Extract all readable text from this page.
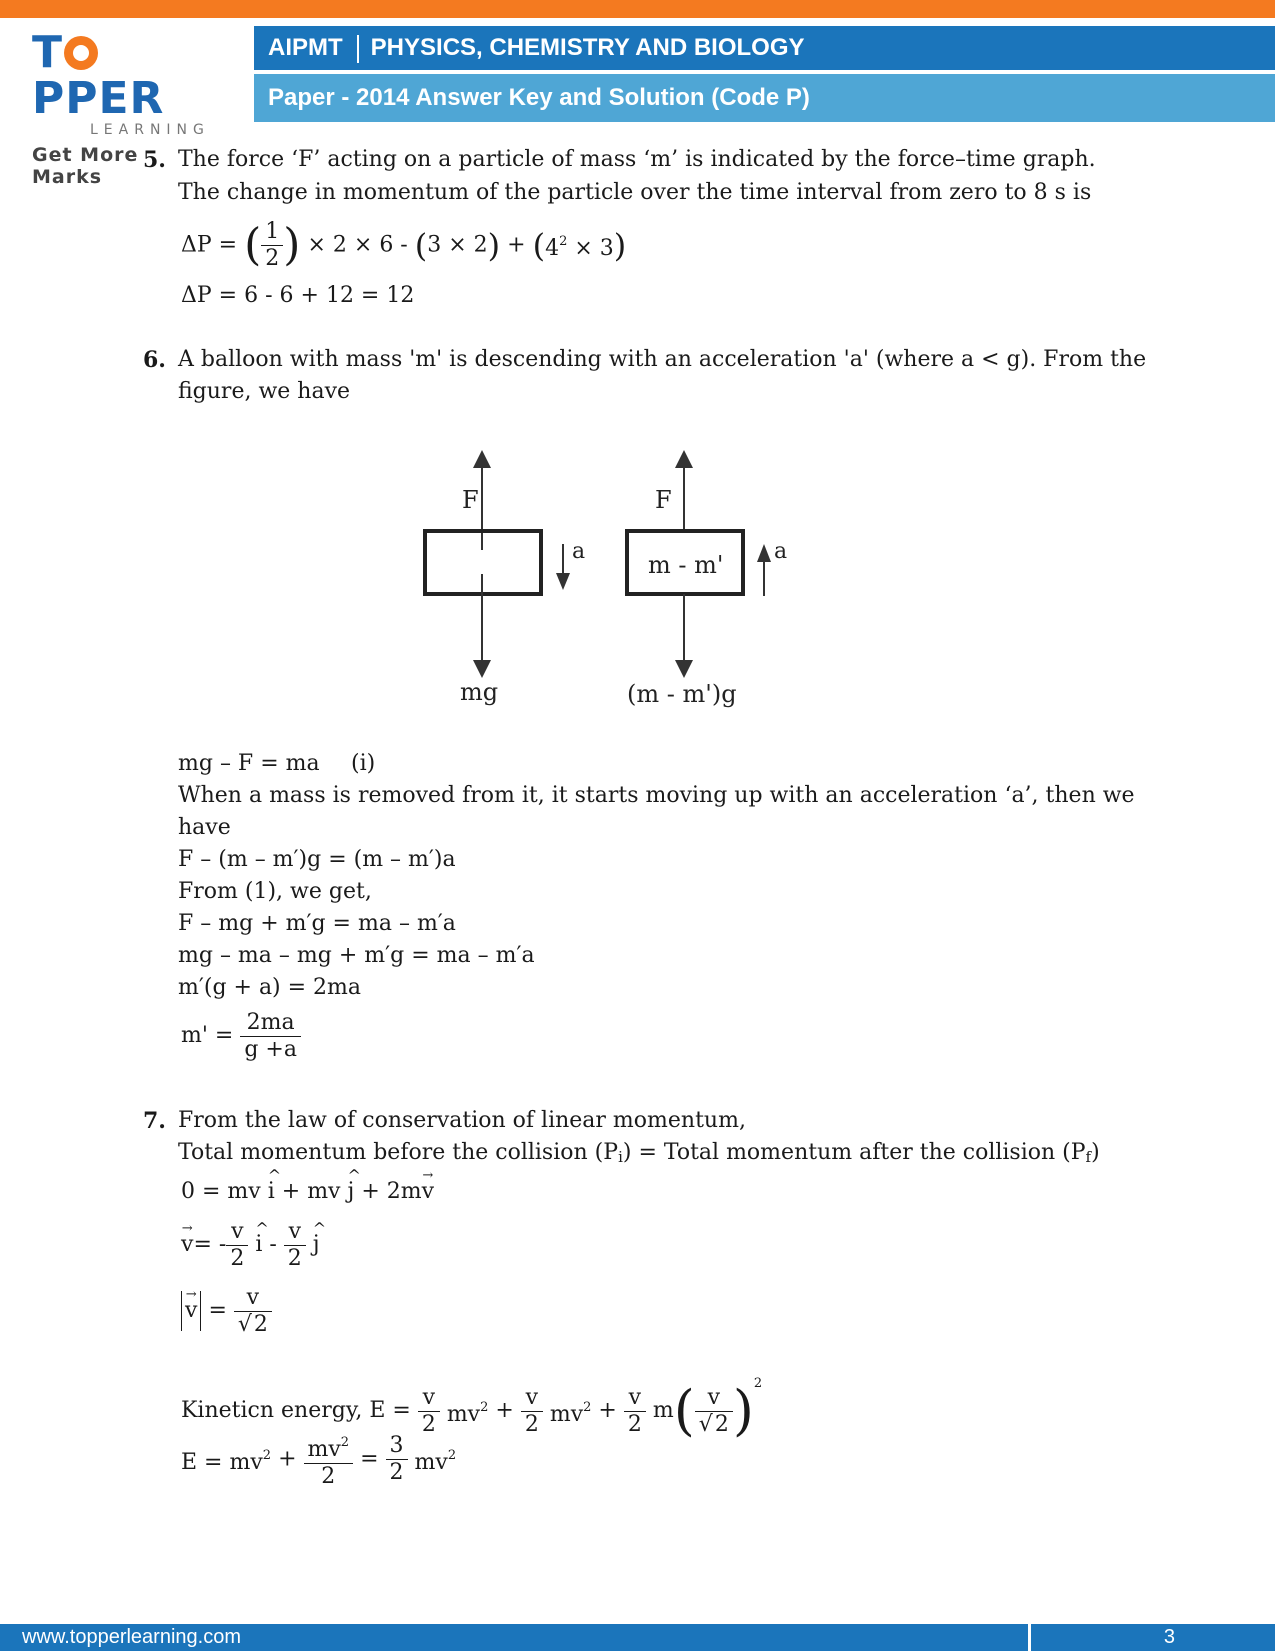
TPPER
LEARNING
Get More Marks
AIPMT PHYSICS, CHEMISTRY AND BIOLOGY
Paper - 2014 Answer Key and Solution (Code P)
5. The force ‘F’ acting on a particle of mass ‘m’ is indicated by the force–time graph.
The change in momentum of the particle over the time interval from zero to 8 s is
ΔP = ( $\frac{1}{2}$ ) × $2 \times 6 - (3 \times 2) + (4^2 \times 3)$
ΔP = 6 - 6 + 12 = 12
6. A balloon with mass 'm' is descending with an acceleration 'a' (where a < g). From the
figure, we have
F
a
mg
F
a
m - m'
(m - m')g
mg – F = ma (i)
When a mass is removed from it, it starts moving up with an acceleration ‘a’, then we
have
F – (m – m′)g = (m – m′)a
From (1), we get,
F – mg + m′g = ma – m′a
mg – ma – mg + m′g = ma – m′a
m′(g + a) = 2ma
$m' = \frac{2ma}{g +a}$
7. From the law of conservation of linear momentum,
Total momentum before the collision $(P_i)$ = Total momentum after the collision $(P_f)$
0 = mv ^ i + mv ^ j + 2m→ v
→ $v= - \frac{v}{2}$ ^ i - $\frac{v}{2}$ ^ j
→ $v = \frac{v}{√2}$
Kineticn energy, $E = \frac{v}{2} mv^2 + \frac{v}{2} mv^2 + \frac{v}{2} m( \frac{v}{√2} )^2$
$E = mv^2 + \frac{mv^2}{2} = \frac{3}{2} mv^2$
www.topperlearning.com	3
